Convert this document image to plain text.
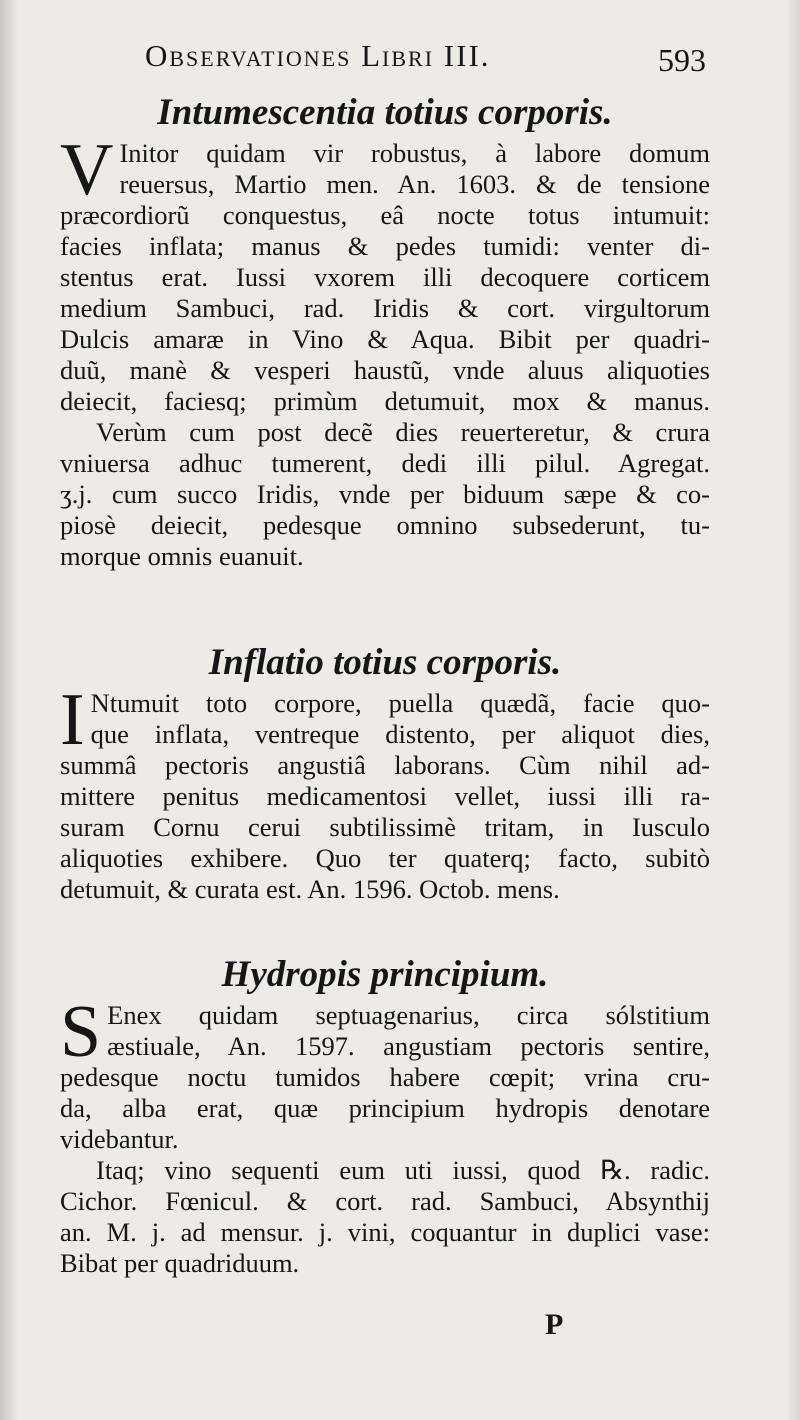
Observationes Libri III.	593
Intumescentia totius corporis.
V Initor quidam vir robustus, à labore domum
reuersus, Martio men. An. 1603. & de tensione
præcordiorũ conquestus, eâ nocte totus intumuit:
facies inflata; manus & pedes tumidi: venter di-
stentus erat. Iussi vxorem illi decoquere corticem
medium Sambuci, rad. Iridis & cort. virgultorum
Dulcis amaræ in Vino & Aqua. Bibit per quadri-
duũ, manè & vesperi haustũ, vnde aluus aliquoties
deiecit, faciesq; primùm detumuit, mox & manus.
Verùm cum post decẽ dies reuerteretur, & crura
vniuersa adhuc tumerent, dedi illi pilul. Agregat.
ʒ.j. cum succo Iridis, vnde per biduum sæpe & co-
piosè deiecit, pedesque omnino subsederunt, tu-
morque omnis euanuit.
Inflatio totius corporis.
I Ntumuit toto corpore, puella quædã, facie quo-
que inflata, ventreque distento, per aliquot dies,
summâ pectoris angustiâ laborans. Cùm nihil ad-
mittere penitus medicamentosi vellet, iussi illi ra-
suram Cornu cerui subtilissimè tritam, in Iusculo
aliquoties exhibere. Quo ter quaterq; facto, subitò
detumuit, & curata est. An. 1596. Octob. mens.
Hydropis principium.
S Enex quidam septuagenarius, circa sólstitium
æstiuale, An. 1597. angustiam pectoris sentire,
pedesque noctu tumidos habere cœpit; vrina cru-
da, alba erat, quæ principium hydropis denotare
videbantur.
Itaq; vino sequenti eum uti iussi, quod ℞. radic.
Cichor. Fœnicul. & cort. rad. Sambuci, Absynthij
an. M. j. ad mensur. j. vini, coquantur in duplici vase:
Bibat per quadriduum.
P
